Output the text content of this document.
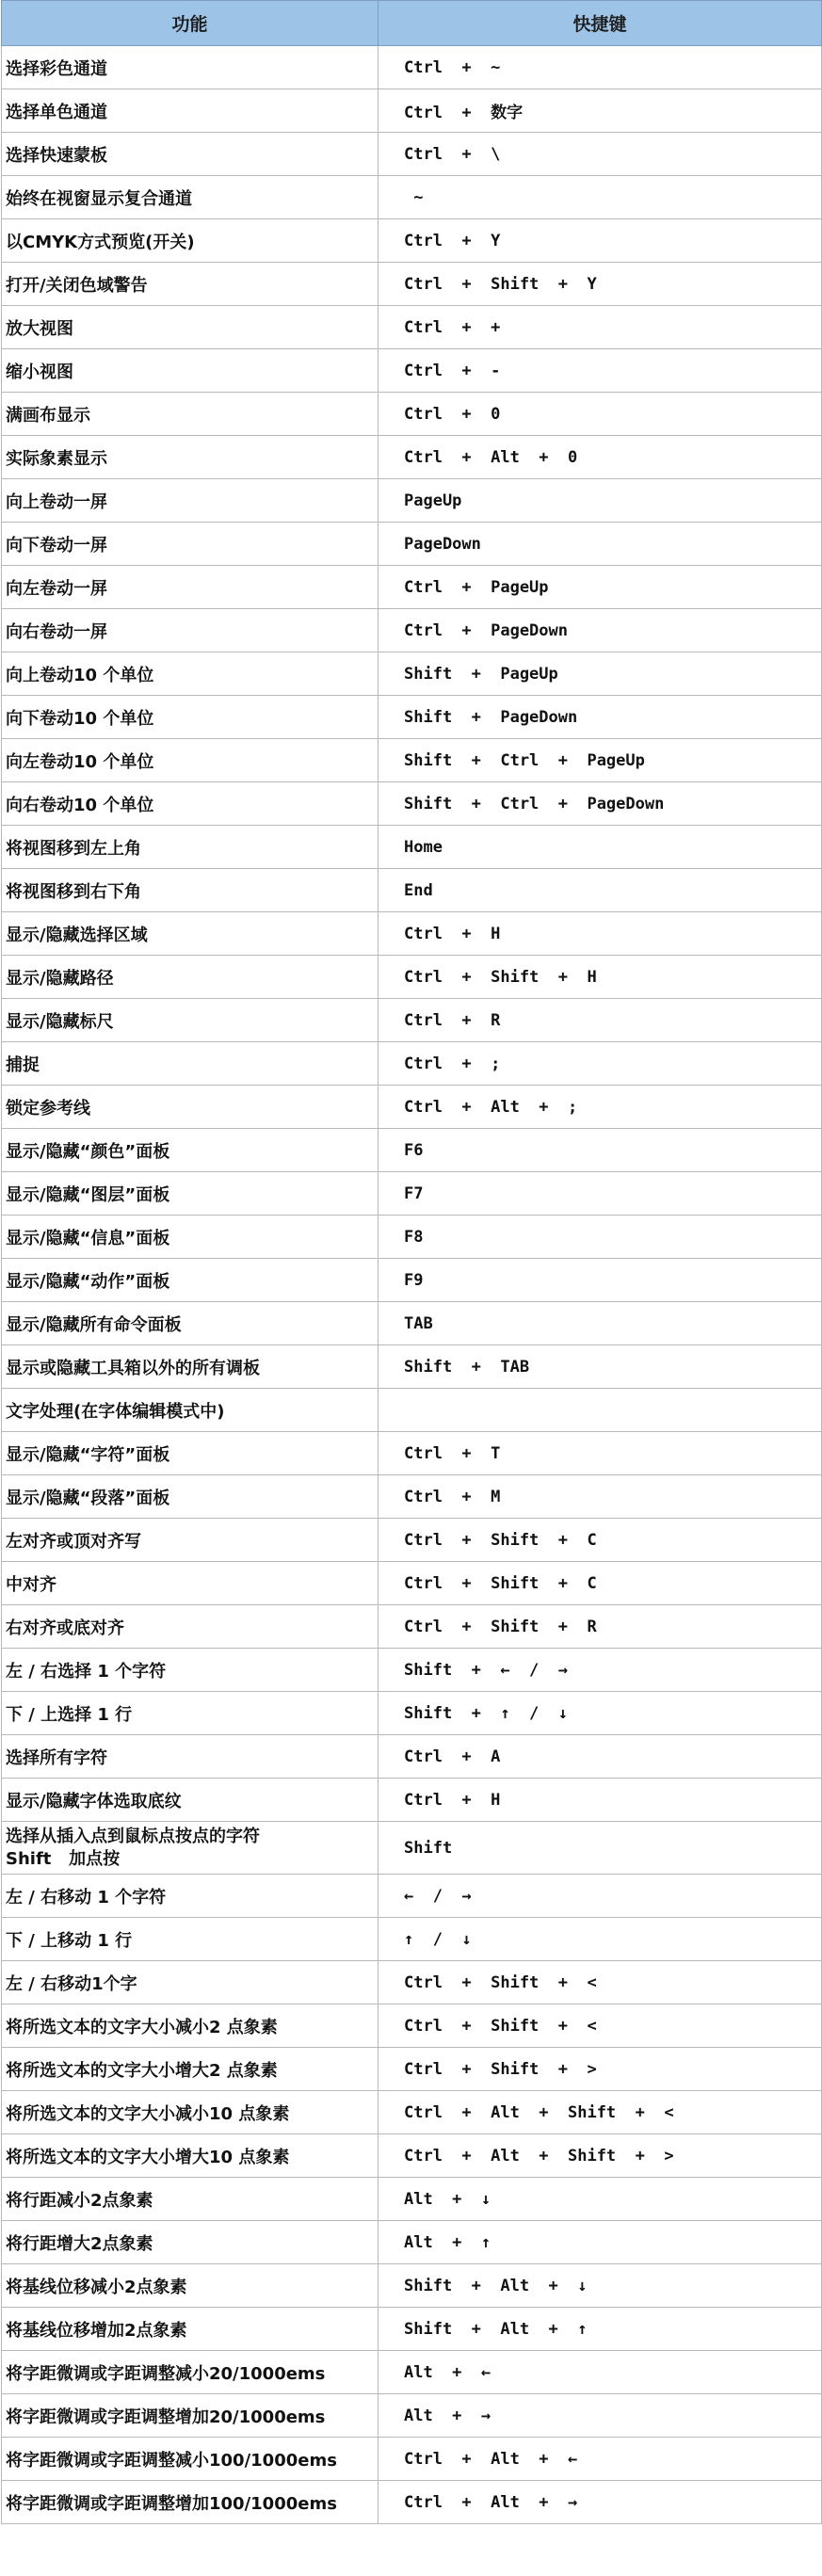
功能	快捷键
选择彩色通道	Ctrl  +  ~
选择单色通道	Ctrl  +  数字
选择快速蒙板	Ctrl  +  \
始终在视窗显示复合通道	~
以CMYK方式预览(开关)	Ctrl  +  Y
打开/关闭色域警告	Ctrl  +  Shift  +  Y
放大视图	Ctrl  +  +
缩小视图	Ctrl  +  -
满画布显示	Ctrl  +  0
实际象素显示	Ctrl  +  Alt  +  0
向上卷动一屏	PageUp
向下卷动一屏	PageDown
向左卷动一屏	Ctrl  +  PageUp
向右卷动一屏	Ctrl  +  PageDown
向上卷动10 个单位	Shift  +  PageUp
向下卷动10 个单位	Shift  +  PageDown
向左卷动10 个单位	Shift  +  Ctrl  +  PageUp
向右卷动10 个单位	Shift  +  Ctrl  +  PageDown
将视图移到左上角	Home
将视图移到右下角	End
显示/隐藏选择区域	Ctrl  +  H
显示/隐藏路径	Ctrl  +  Shift  +  H
显示/隐藏标尺	Ctrl  +  R
捕捉	Ctrl  +  ;
锁定参考线	Ctrl  +  Alt  +  ;
显示/隐藏“颜色”面板	F6
显示/隐藏“图层”面板	F7
显示/隐藏“信息”面板	F8
显示/隐藏“动作”面板	F9
显示/隐藏所有命令面板	TAB
显示或隐藏工具箱以外的所有调板	Shift  +  TAB
文字处理(在字体编辑模式中)	
显示/隐藏“字符”面板	Ctrl  +  T
显示/隐藏“段落”面板	Ctrl  +  M
左对齐或顶对齐写	Ctrl  +  Shift  +  C
中对齐	Ctrl  +  Shift  +  C
右对齐或底对齐	Ctrl  +  Shift  +  R
左 / 右选择 1 个字符	Shift  +  ←  /  →
下 / 上选择 1 行	Shift  +  ↑  /  ↓
选择所有字符	Ctrl  +  A
显示/隐藏字体选取底纹	Ctrl  +  H

选择从插入点到鼠标点按点的字符
Shift   加点按	Shift
左 / 右移动 1 个字符	←  /  →
下 / 上移动 1 行	↑  /  ↓
左 / 右移动1个字	Ctrl  +  Shift  +  <
将所选文本的文字大小减小2 点象素	Ctrl  +  Shift  +  <
将所选文本的文字大小增大2 点象素	Ctrl  +  Shift  +  >
将所选文本的文字大小减小10 点象素	Ctrl  +  Alt  +  Shift  +  <
将所选文本的文字大小增大10 点象素	Ctrl  +  Alt  +  Shift  +  >
将行距减小2点象素	Alt  +  ↓
将行距增大2点象素	Alt  +  ↑
将基线位移减小2点象素	Shift  +  Alt  +  ↓
将基线位移增加2点象素	Shift  +  Alt  +  ↑
将字距微调或字距调整减小20/1000ems	Alt  +  ←
将字距微调或字距调整增加20/1000ems	Alt  +  →
将字距微调或字距调整减小100/1000ems	Ctrl  +  Alt  +  ←
将字距微调或字距调整增加100/1000ems	Ctrl  +  Alt  +  →
